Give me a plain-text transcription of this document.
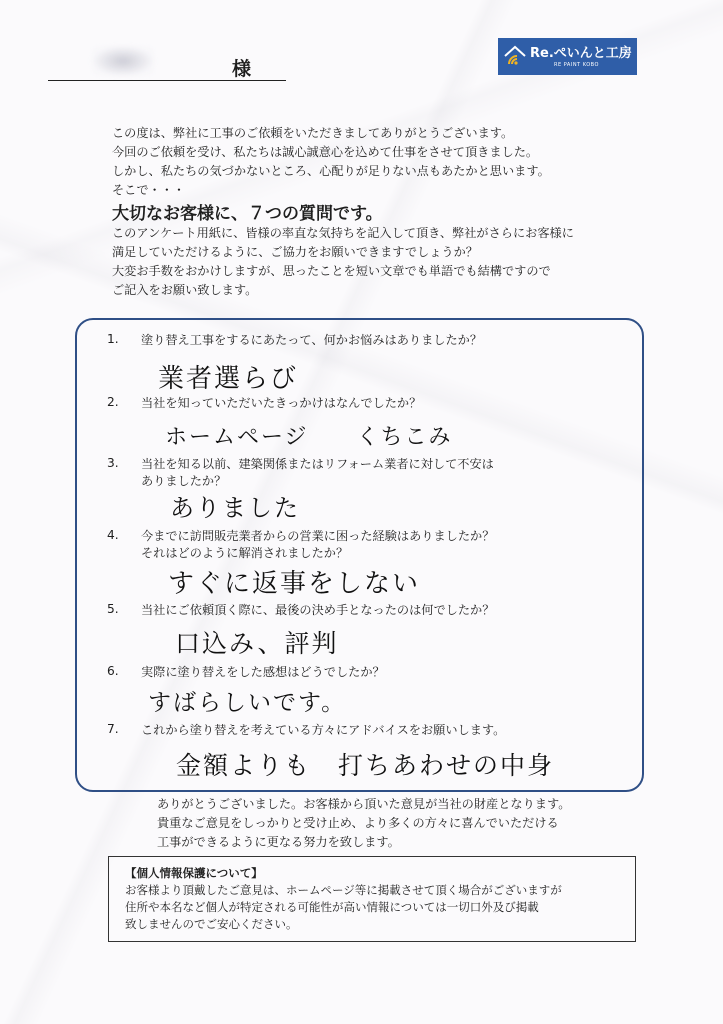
様
Re.ぺいんと工房
RE PAINT KOBO

この度は、弊社に工事のご依頼をいただきましてありがとうございます。

今回のご依頼を受け、私たちは誠心誠意心を込めて仕事をさせて頂きました。

しかし、私たちの気づかないところ、心配りが足りない点もあたかと思います。

そこで・・・

大切なお客様に、７つの質問です。

このアンケート用紙に、皆様の率直な気持ちを記入して頂き、弊社がさらにお客様に

満足していただけるように、ご協力をお願いできますでしょうか？

大変お手数をおかけしますが、思ったことを短い文章でも単語でも結構ですので

ご記入をお願い致します。

1. 塗り替え工事をするにあたって、何かお悩みはありましたか？
業者選らび
2. 当社を知っていただいたきっかけはなんでしたか？
ホームページ　　くちこみ
3. 当社を知る以前、建築関係またはリフォーム業者に対して不安は
ありましたか？
ありました
4. 今までに訪問販売業者からの営業に困った経験はありましたか？
それはどのように解消されましたか？
すぐに返事をしない
5. 当社にご依頼頂く際に、最後の決め手となったのは何でしたか？
口込み、評判
6. 実際に塗り替えをした感想はどうでしたか？
すばらしいです。
7. これから塗り替えを考えている方々にアドバイスをお願いします。
金額よりも　打ちあわせの中身

ありがとうございました。お客様から頂いた意見が当社の財産となります。

貴重なご意見をしっかりと受け止め、より多くの方々に喜んでいただける

工事ができるように更なる努力を致します。

【個人情報保護について】

お客様より頂戴したご意見は、ホームページ等に掲載させて頂く場合がございますが

住所や本名など個人が特定される可能性が高い情報については一切口外及び掲載

致しませんのでご安心ください。
